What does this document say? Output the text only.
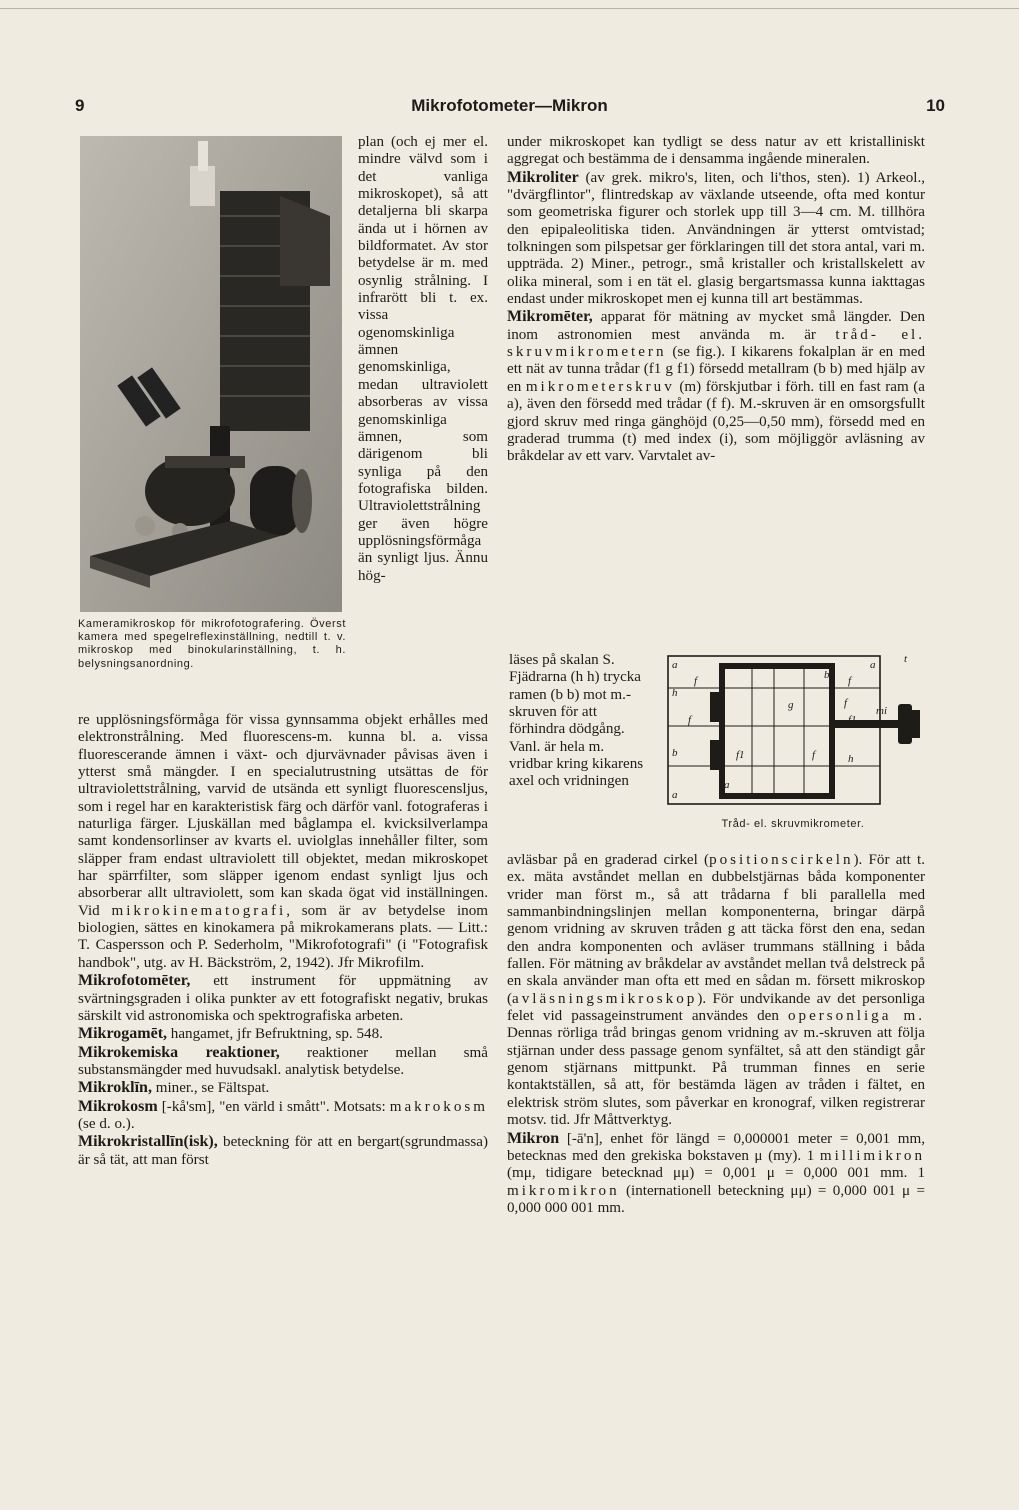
9	Mikrofotometer—Mikron	10
Kameramikroskop för mikrofotografering. Överst kamera med spegelreflexinställning, nedtill t. v. mikroskop med binokularinställning, t. h. belysningsanordning.

plan (och ej mer el. mindre välvd som i det vanliga mikroskopet), så att detaljerna bli skarpa ända ut i hörnen av bildformatet. Av stor betydelse är m. med osynlig strålning. I infrarött bli t. ex. vissa ogenomskinliga ämnen genomskinliga, medan ultraviolett absorberas av vissa genomskinliga ämnen, som därigenom bli synliga på den fotografiska bilden. Ultraviolettstrålning ger även högre upplösningsförmåga än synligt ljus. Ännu hög-

re upplösningsförmåga för vissa gynnsamma objekt erhålles med elektronstrålning. Med fluorescens-m. kunna bl. a. vissa fluorescerande ämnen i växt- och djurvävnader påvisas även i ytterst små mängder. I en specialutrustning utsättas de för ultraviolettstrålning, varvid de utsända ett synligt fluorescensljus, som i regel har en karakteristisk färg och därför vanl. fotograferas i naturliga färger. Ljuskällan med båglampa el. kvicksilverlampa samt kondensorlinser av kvarts el. uviolglas innehåller filter, som släpper fram endast ultraviolett till objektet, medan mikroskopet har spärrfilter, som släpper igenom endast synligt ljus och absorberar allt ultraviolett, som kan skada ögat vid inställningen. Vid mikrokinematografi, som är av betydelse inom biologien, sättes en kinokamera på mikrokamerans plats. — Litt.: T. Caspersson och P. Sederholm, "Mikrofotografi" (i "Fotografisk handbok", utg. av H. Bäckström, 2, 1942). Jfr Mikrofilm.

Mikrofotomēter, ett instrument för uppmätning av svärtningsgraden i olika punkter av ett fotografiskt negativ, brukas särskilt vid astronomiska och spektrografiska arbeten.

Mikrogamēt, hangamet, jfr Befruktning, sp. 548.

Mikrokemiska reaktioner, reaktioner mellan små substansmängder med huvudsakl. analytisk betydelse.

Mikroklīn, miner., se Fältspat.

Mikrokosm [-kå'sm], "en värld i smått". Motsats: makrokosm (se d. o.).

Mikrokristallīn(isk), beteckning för att en bergart(sgrundmassa) är så tät, att man först

under mikroskopet kan tydligt se dess natur av ett kristalliniskt aggregat och bestämma de i densamma ingående mineralen.

Mikroliter (av grek. mikro's, liten, och li'thos, sten). 1) Arkeol., "dvärgflintor", flintredskap av växlande utseende, ofta med kontur som geometriska figurer och storlek upp till 3—4 cm. M. tillhöra den epipaleolitiska tiden. Användningen är ytterst omtvistad; tolkningen som pilspetsar ger förklaringen till det stora antal, vari m. uppträda. 2) Miner., petrogr., små kristaller och kristallskelett av olika mineral, som i en tät el. glasig bergartsmassa kunna iakttagas endast under mikroskopet men ej kunna till art bestämmas.

Mikromēter, apparat för mätning av mycket små längder. Den inom astronomien mest använda m. är tråd- el. skruvmikrometern (se fig.). I kikarens fokalplan är en med ett nät av tunna trådar (f1 g f1) försedd metallram (b b) med hjälp av en mikrometerskruv (m) förskjutbar i förh. till en fast ram (a a), även den försedd med trådar (f f). M.-skruven är en omsorgsfullt gjord skruv med ringa gänghöjd (0,25—0,50 mm), försedd med en graderad trumma (t) med index (i), som möjliggör avläsning av bråkdelar av ett varv. Varvtalet av-

läses på skalan S. Fjädrarna (h h) trycka ramen (b b) mot m.-skruven för att förhindra dödgång. Vanl. är hela m. vridbar kring kikarens axel och vridningen
a	a
b
f	f
g	f
m i
t
h
f	f1
f1	f	h
b
a
a
Tråd- el. skruvmikrometer.

avläsbar på en graderad cirkel (positionscirkeln). För att t. ex. mäta avståndet mellan en dubbelstjärnas båda komponenter vrider man först m., så att trådarna f bli parallella med sammanbindningslinjen mellan komponenterna, bringar därpå genom vridning av skruven tråden g att täcka först den ena, sedan den andra komponenten och avläser trummans ställning i båda fallen. För mätning av bråkdelar av avståndet mellan två delstreck på en skala använder man ofta ett med en sådan m. försett mikroskop (avläsningsmikroskop). För undvikande av det personliga felet vid passageinstrument användes den opersonliga m. Dennas rörliga tråd bringas genom vridning av m.-skruven att följa stjärnan under dess passage genom synfältet, så att den ständigt går genom stjärnans mittpunkt. På trumman finnes en serie kontaktställen, så att, för bestämda lägen av tråden i fältet, en elektrisk ström slutes, som påverkar en kronograf, vilken registrerar motsv. tid. Jfr Måttverktyg.

Mikron [-ā'n], enhet för längd = 0,000001 meter = 0,001 mm, betecknas med den grekiska bokstaven μ (my). 1 millimikron (mμ, tidigare betecknad μμ) = 0,001 μ = 0,000 001 mm. 1 mikromikron (internationell beteckning μμ) = 0,000 001 μ = 0,000 000 001 mm.
